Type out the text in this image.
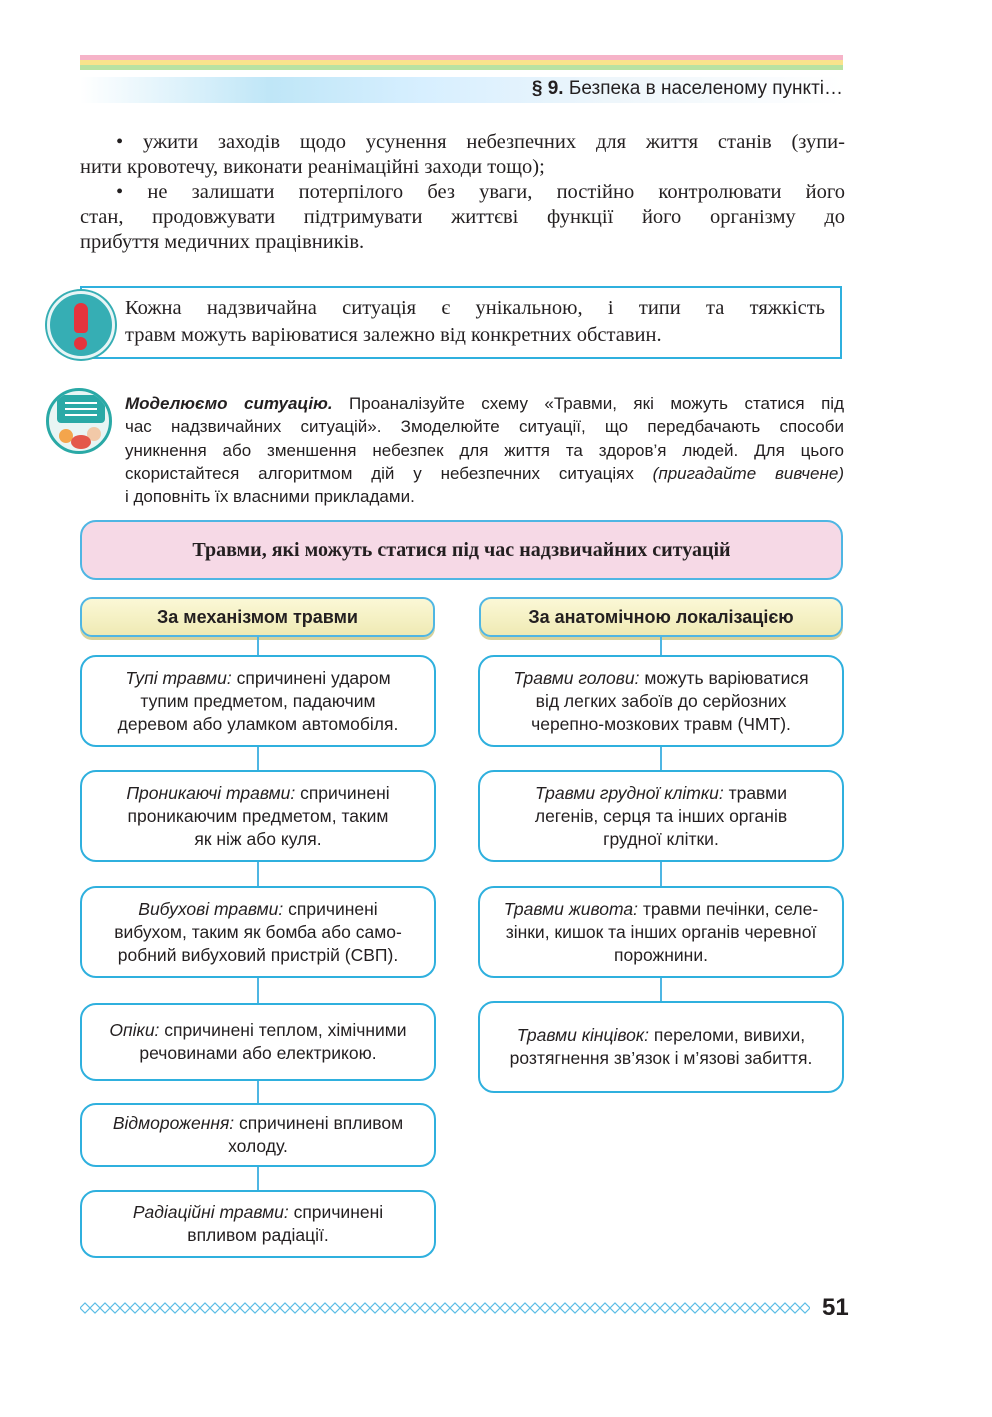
§ 9. Безпека в населеному пункті…
• ужити заходів щодо усунення небезпечних для життя станів (зупи-
нити кровотечу, виконати реанімаційні заходи тощо);
• не залишати потерпілого без уваги, постійно контролювати його
стан, продовжувати підтримувати життєві функції його організму до
прибуття медичних працівників.
Кожна надзвичайна ситуація є унікальною, і типи та тяжкість
травм можуть варіюватися залежно від конкретних обставин.
Моделюємо ситуацію. Проаналізуйте схему «Травми, які можуть статися під
час надзвичайних ситуацій». Змоделюйте ситуації, що передбачають способи
уникнення або зменшення небезпек для життя та здоров’я людей. Для цього
скористайтеся алгоритмом дій у небезпечних ситуаціях (пригадайте вивчене)
і доповніть їх власними прикладами.
Травми, які можуть статися під час надзвичайних ситуацій
За механізмом травми	За анатомічною локалізацією
Тупі травми: спричинені ударом
тупим предметом, падаючим
деревом або уламком автомобіля.
Проникаючі травми: спричинені
проникаючим предметом, таким
як ніж або куля.
Вибухові травми: спричинені
вибухом, таким як бомба або само-
робний вибуховий пристрій (СВП).
Опіки: спричинені теплом, хімічними
речовинами або електрикою.
Відмороження: спричинені впливом
холоду.
Радіаційні травми: спричинені
впливом радіації.
Травми голови: можуть варіюватися
від легких забоїв до серйозних
черепно-мозкових травм (ЧМТ).
Травми грудної клітки: травми
легенів, серця та інших органів
грудної клітки.
Травми живота: травми печінки, селе-
зінки, кишок та інших органів черевної
порожнини.
Травми кінцівок: переломи, вивихи,
розтягнення зв’язок і м’язові забиття.
51
